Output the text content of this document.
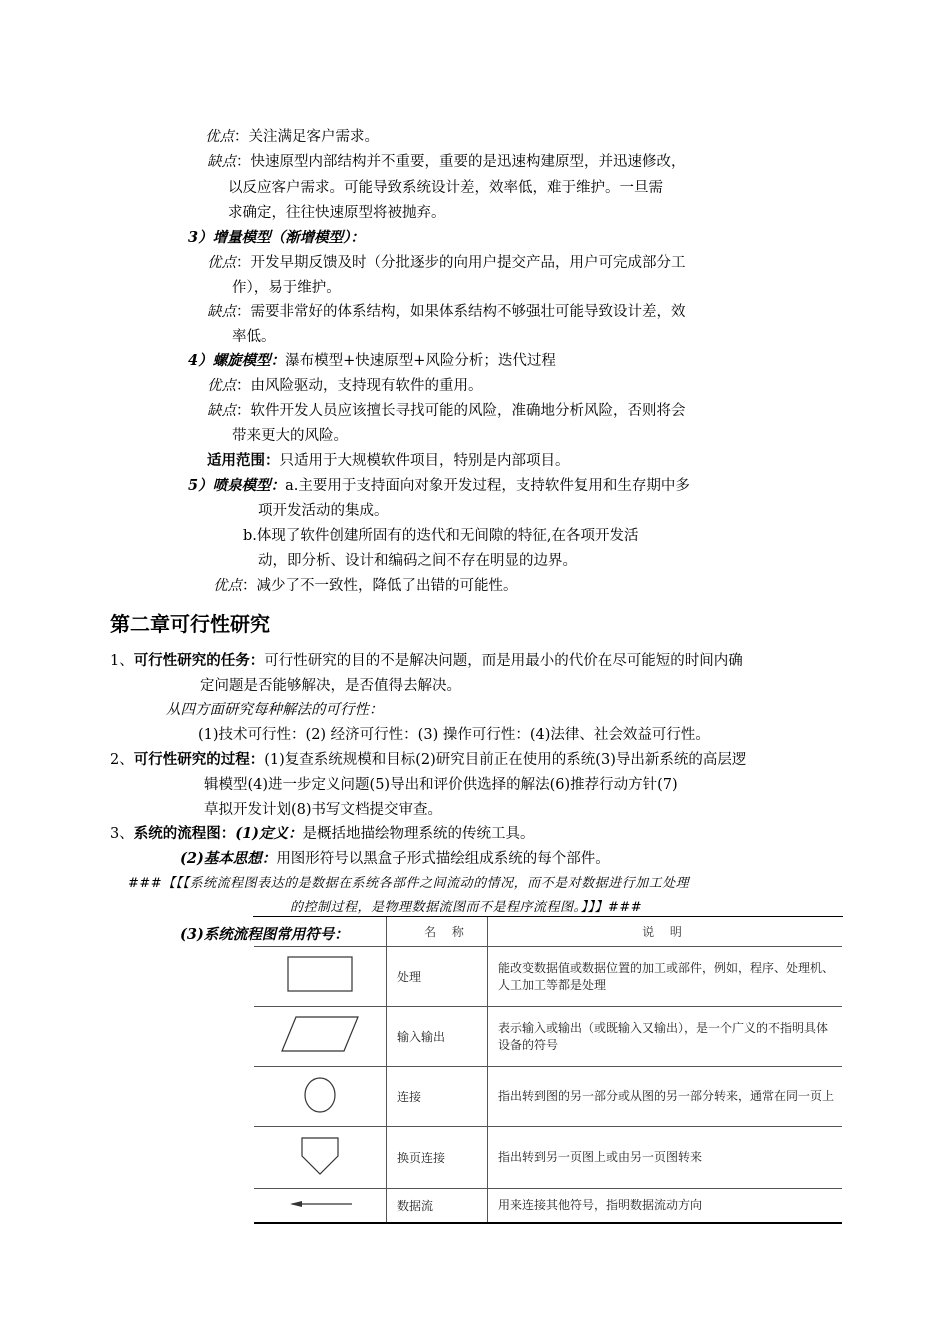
优点：关注满足客户需求。
缺点：快速原型内部结构并不重要，重要的是迅速构建原型，并迅速修改，
以反应客户需求。可能导致系统设计差，效率低，难于维护。一旦需
求确定，往往快速原型将被抛弃。
3）增量模型（渐增模型）：
优点：开发早期反馈及时（分批逐步的向用户提交产品，用户可完成部分工
作），易于维护。
缺点：需要非常好的体系结构，如果体系结构不够强壮可能导致设计差，效
率低。
4）螺旋模型：瀑布模型+快速原型+风险分析；迭代过程
优点：由风险驱动，支持现有软件的重用。
缺点：软件开发人员应该擅长寻找可能的风险，准确地分析风险，否则将会
带来更大的风险。
适用范围：只适用于大规模软件项目，特别是内部项目。
5）喷泉模型：a.主要用于支持面向对象开发过程，支持软件复用和生存期中多
项开发活动的集成。
b.体现了软件创建所固有的迭代和无间隙的特征,在各项开发活
动，即分析、设计和编码之间不存在明显的边界。
优点：减少了不一致性，降低了出错的可能性。
第二章可行性研究
1、可行性研究的任务：可行性研究的目的不是解决问题，而是用最小的代价在尽可能短的时间内确
定问题是否能够解决，是否值得去解决。
从四方面研究每种解法的可行性：
(1)技术可行性：(2) 经济可行性：(3) 操作可行性：(4)法律、社会效益可行性。
2、可行性研究的过程：(1)复查系统规模和目标(2)研究目前正在使用的系统(3)导出新系统的高层逻
辑模型(4)进一步定义问题(5)导出和评价供选择的解法(6)推荐行动方针(7)
草拟开发计划(8)书写文档提交审查。
3、系统的流程图：(1)定义：是概括地描绘物理系统的传统工具。
(2)基本思想：用图形符号以黑盒子形式描绘组成系统的每个部件。
###【【【系统流程图表达的是数据在系统各部件之间流动的情况，而不是对数据进行加工处理
的控制过程，是物理数据流图而不是程序流程图。】】】###
(3)系统流程图常用符号：
		名 称	说 明
	处理	能改变数据值或数据位置的加工或部件，例如，程序、处理机、
人工加工等都是处理

	输入输出	表示输入或输出（或既输入又输出），是一个广义的不指明具体
设备的符号

	连接	指出转到图的另一部分或从图的另一部分转来，通常在同一页上

	换页连接	指出转到另一页图上或由另一页图转来

	数据流	用来连接其他符号，指明数据流动方向
